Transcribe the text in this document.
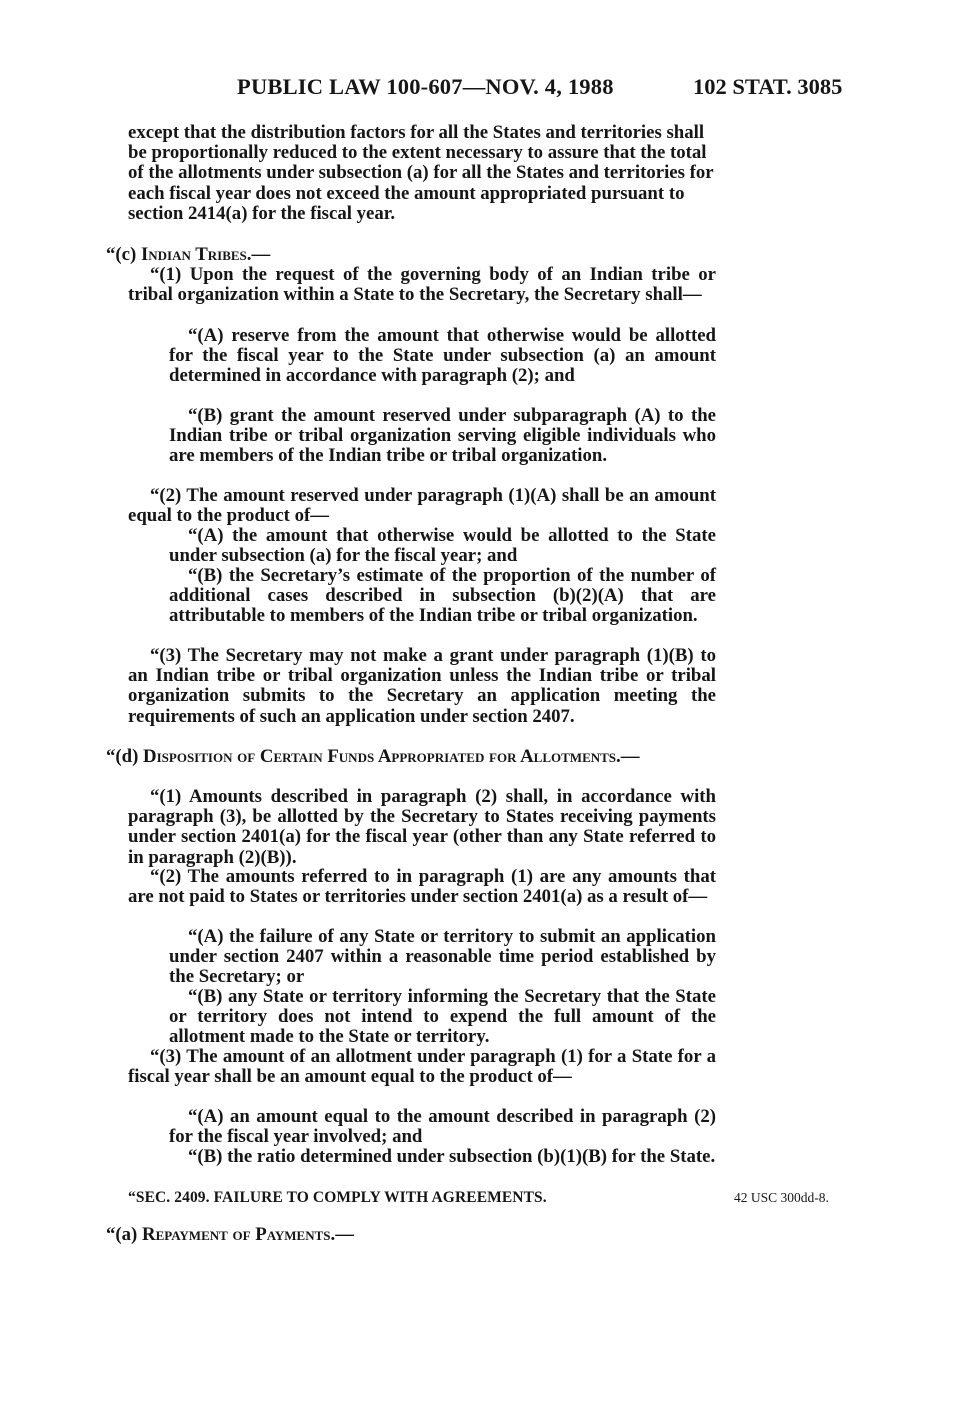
PUBLIC LAW 100-607—NOV. 4, 1988	102 STAT. 3085

except that the distribution factors for all the States and territories shall be proportionally reduced to the extent necessary to assure that the total of the allotments under subsection (a) for all the States and territories for each fiscal year does not exceed the amount appropriated pursuant to section 2414(a) for the fiscal year.

“(c) Indian Tribes.—

“(1) Upon the request of the governing body of an Indian tribe or tribal organization within a State to the Secretary, the Secretary shall—

“(A) reserve from the amount that otherwise would be allotted for the fiscal year to the State under subsection (a) an amount determined in accordance with paragraph (2); and

“(B) grant the amount reserved under subparagraph (A) to the Indian tribe or tribal organization serving eligible individuals who are members of the Indian tribe or tribal organization.

“(2) The amount reserved under paragraph (1)(A) shall be an amount equal to the product of—

“(A) the amount that otherwise would be allotted to the State under subsection (a) for the fiscal year; and

“(B) the Secretary’s estimate of the proportion of the number of additional cases described in subsection (b)(2)(A) that are attributable to members of the Indian tribe or tribal organization.

“(3) The Secretary may not make a grant under paragraph (1)(B) to an Indian tribe or tribal organization unless the Indian tribe or tribal organization submits to the Secretary an application meeting the requirements of such an application under section 2407.

“(d) Disposition of Certain Funds Appropriated for Allotments.—

“(1) Amounts described in paragraph (2) shall, in accordance with paragraph (3), be allotted by the Secretary to States receiving payments under section 2401(a) for the fiscal year (other than any State referred to in paragraph (2)(B)).

“(2) The amounts referred to in paragraph (1) are any amounts that are not paid to States or territories under section 2401(a) as a result of—

“(A) the failure of any State or territory to submit an application under section 2407 within a reasonable time period established by the Secretary; or

“(B) any State or territory informing the Secretary that the State or territory does not intend to expend the full amount of the allotment made to the State or territory.

“(3) The amount of an allotment under paragraph (1) for a State for a fiscal year shall be an amount equal to the product of—

“(A) an amount equal to the amount described in paragraph (2) for the fiscal year involved; and

“(B) the ratio determined under subsection (b)(1)(B) for the State.

“(a) Repayment of Payments.—

“SEC. 2409. FAILURE TO COMPLY WITH AGREEMENTS.	42 USC 300dd-8.
